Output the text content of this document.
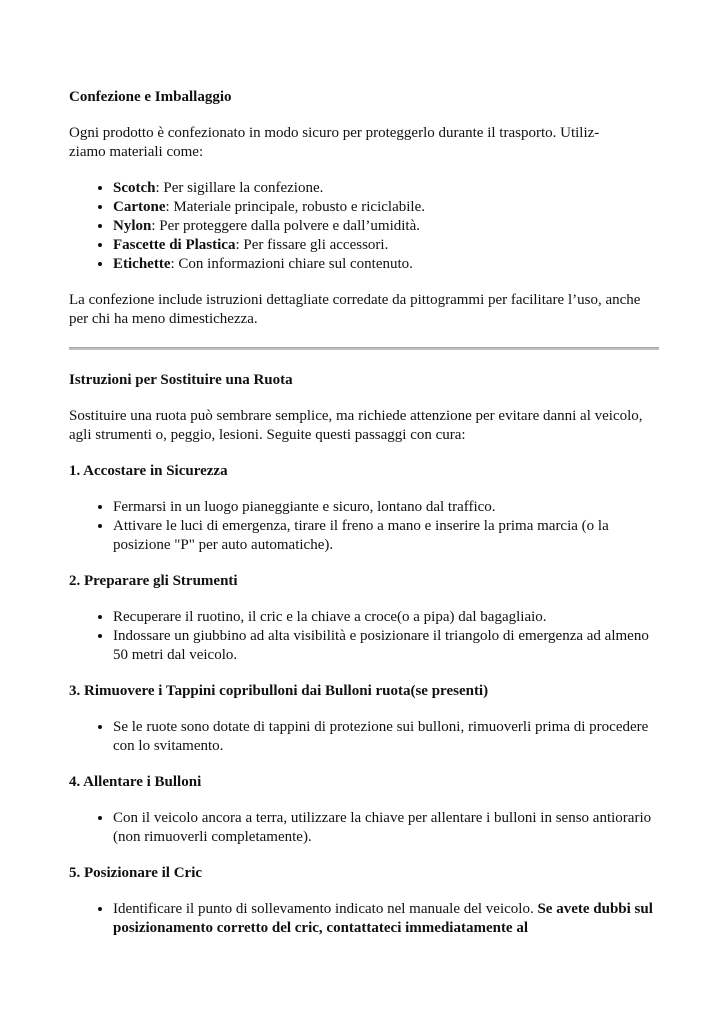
Confezione e Imballaggio

Ogni prodotto è confezionato in modo sicuro per proteggerlo durante il trasporto. Utiliz-
ziamo materiali come:

• Scotch: Per sigillare la confezione.
• Cartone: Materiale principale, robusto e riciclabile.
• Nylon: Per proteggere dalla polvere e dall’umidità.
• Fascette di Plastica: Per fissare gli accessori.
• Etichette: Con informazioni chiare sul contenuto.

La confezione include istruzioni dettagliate corredate da pittogrammi per facilitare l’uso, anche per chi ha meno dimestichezza.

Istruzioni per Sostituire una Ruota

Sostituire una ruota può sembrare semplice, ma richiede attenzione per evitare danni al veicolo, agli strumenti o, peggio, lesioni. Seguite questi passaggi con cura:

1. Accostare in Sicurezza
• Fermarsi in un luogo pianeggiante e sicuro, lontano dal traffico.
• Attivare le luci di emergenza, tirare il freno a mano e inserire la prima marcia (o la posizione "P" per auto automatiche).
2. Preparare gli Strumenti
• Recuperare il ruotino, il cric e la chiave a croce(o a pipa) dal bagagliaio.
• Indossare un giubbino ad alta visibilità e posizionare il triangolo di emergenza ad almeno 50 metri dal veicolo.
3. Rimuovere i Tappini copribulloni dai Bulloni ruota(se presenti)
• Se le ruote sono dotate di tappini di protezione sui bulloni, rimuoverli prima di procedere con lo svitamento.
4. Allentare i Bulloni
• Con il veicolo ancora a terra, utilizzare la chiave per allentare i bulloni in senso antiorario (non rimuoverli completamente).
5. Posizionare il Cric
• Identificare il punto di sollevamento indicato nel manuale del veicolo. Se avete dubbi sul posizionamento corretto del cric, contattateci immediatamente al
